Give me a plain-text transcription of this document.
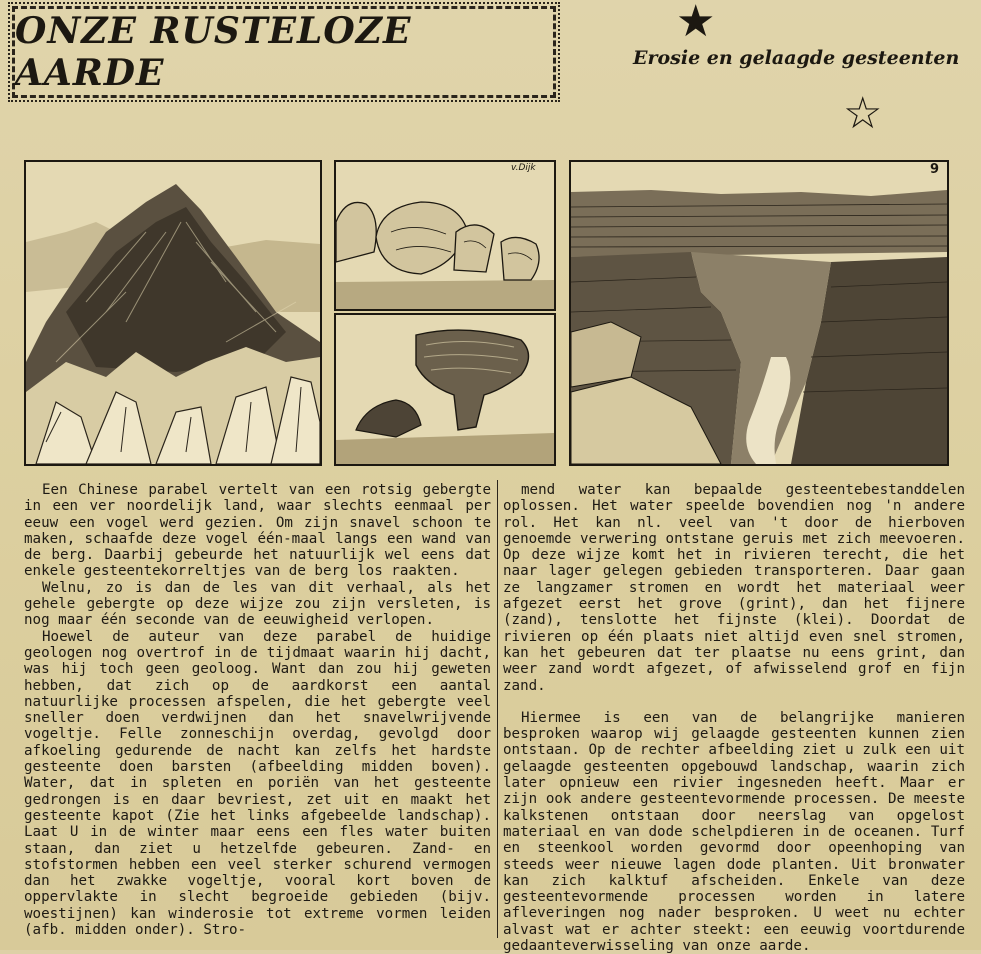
ONZE RUSTELOZE AARDE
★
Erosie en gelaagde gesteenten
☆
v.Dijk	9

Een Chinese parabel vertelt van een rotsig gebergte in een ver noordelijk land, waar slechts eenmaal per eeuw een vogel werd gezien. Om zijn snavel schoon te maken, schaafde deze vogel één-maal langs een wand van de berg. Daarbij gebeurde het natuurlijk wel eens dat enkele gesteentekorreltjes van de berg los raakten.

Welnu, zo is dan de les van dit verhaal, als het gehele gebergte op deze wijze zou zijn versleten, is nog maar één seconde van de eeuwigheid verlopen.

Hoewel de auteur van deze parabel de huidige geologen nog overtrof in de tijdmaat waarin hij dacht, was hij toch geen geoloog. Want dan zou hij geweten hebben, dat zich op de aardkorst een aantal natuurlijke processen afspelen, die het gebergte veel sneller doen verdwijnen dan het snavelwrijvende vogeltje. Felle zonneschijn overdag, gevolgd door afkoeling gedurende de nacht kan zelfs het hardste gesteente doen barsten (afbeelding midden boven). Water, dat in spleten en poriën van het gesteente gedrongen is en daar bevriest, zet uit en maakt het gesteente kapot (Zie het links afgebeelde landschap). Laat U in de winter maar eens een fles water buiten staan, dan ziet u hetzelfde gebeuren. Zand- en stofstormen hebben een veel sterker schurend vermogen dan het zwakke vogeltje, vooral kort boven de oppervlakte in slecht begroeide gebieden (bijv. woestijnen) kan winderosie tot extreme vormen leiden (afb. midden onder). Stro-

mend water kan bepaalde gesteentebestanddelen oplossen. Het water speelde bovendien nog 'n andere rol. Het kan nl. veel van 't door de hierboven genoemde verwering ontstane geruis met zich meevoeren. Op deze wijze komt het in rivieren terecht, die het naar lager gelegen gebieden transporteren. Daar gaan ze langzamer stromen en wordt het materiaal weer afgezet eerst het grove (grint), dan het fijnere (zand), tenslotte het fijnste (klei). Doordat de rivieren op één plaats niet altijd even snel stromen, kan het gebeuren dat ter plaatse nu eens grint, dan weer zand wordt afgezet, of afwisselend grof en fijn zand.

Hiermee is een van de belangrijke manieren besproken waarop wij gelaagde gesteenten kunnen zien ontstaan. Op de rechter afbeelding ziet u zulk een uit gelaagde gesteenten opgebouwd landschap, waarin zich later opnieuw een rivier ingesneden heeft. Maar er zijn ook andere gesteentevormende processen. De meeste kalkstenen ontstaan door neerslag van opgelost materiaal en van dode schelpdieren in de oceanen. Turf en steenkool worden gevormd door opeenhoping van steeds weer nieuwe lagen dode planten. Uit bronwater kan zich kalktuf afscheiden. Enkele van deze gesteentevormende processen worden in latere afleveringen nog nader besproken. U weet nu echter alvast wat er achter steekt: een eeuwig voortdurende gedaanteverwisseling van onze aarde.
